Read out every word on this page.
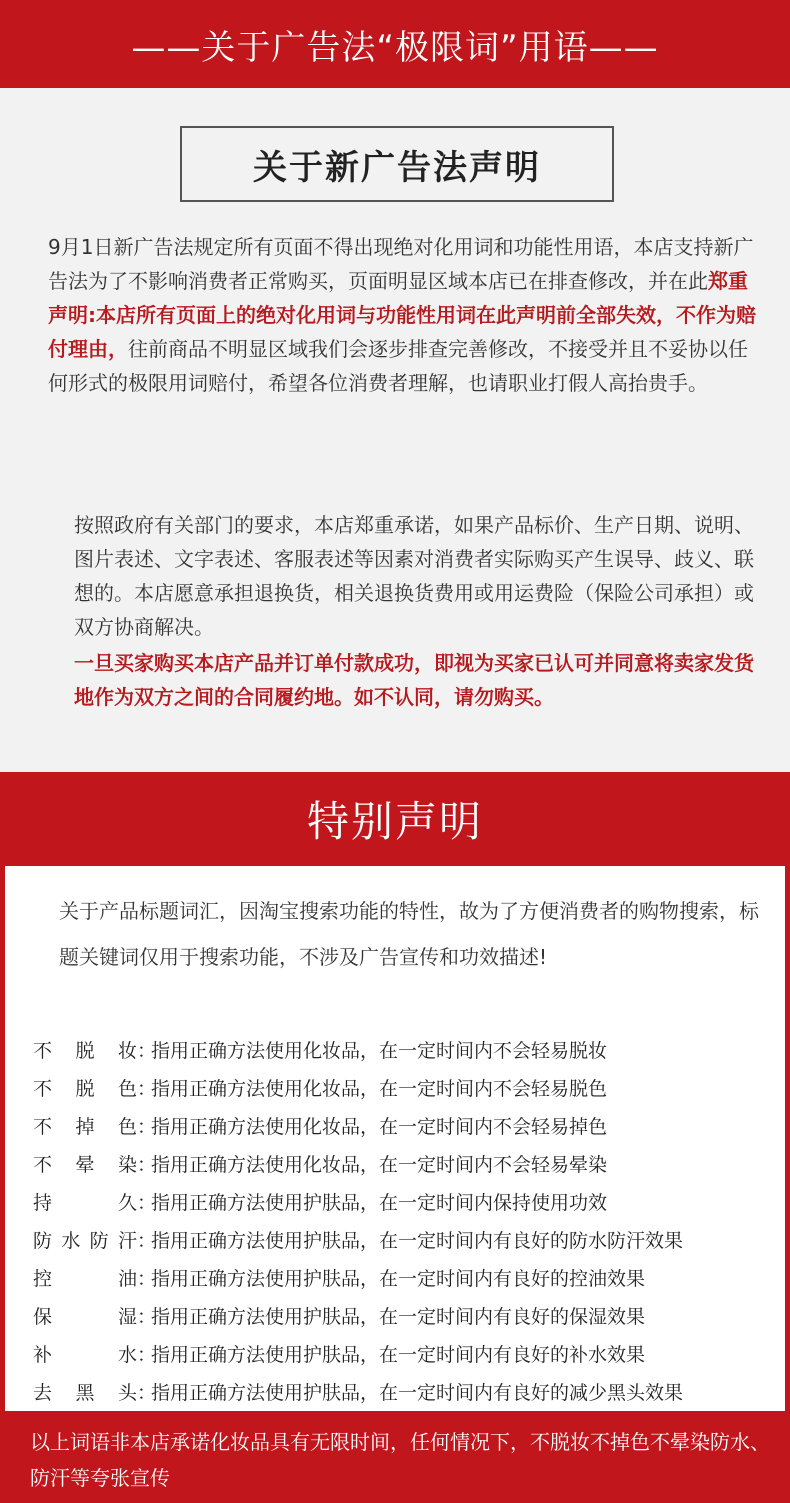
——关于广告法“极限词”用语——
关于新广告法声明

9月1日新广告法规定所有页面不得出现绝对化用词和功能性用语，本店支持新广告法为了不影响消费者正常购买，页面明显区域本店已在排查修改，并在此郑重声明:本店所有页面上的绝对化用词与功能性用词在此声明前全部失效，不作为赔付理由，往前商品不明显区域我们会逐步排查完善修改，不接受并且不妥协以任何形式的极限用词赔付，希望各位消费者理解，也请职业打假人高抬贵手。

按照政府有关部门的要求，本店郑重承诺，如果产品标价、生产日期、说明、图片表述、文字表述、客服表述等因素对消费者实际购买产生误导、歧义、联想的。本店愿意承担退换货，相关退换货费用或用运费险（保险公司承担）或双方协商解决。

一旦买家购买本店产品并订单付款成功，即视为买家已认可并同意将卖家发货地作为双方之间的合同履约地。如不认同，请勿购买。

特别声明

关于产品标题词汇，因淘宝搜索功能的特性，故为了方便消费者的购物搜索，标题关键词仅用于搜索功能，不涉及广告宣传和功效描述!

不脱妆 ：
指用正确方法使用化妆品，在一定时间内不会轻易脱妆
不脱色 ：
指用正确方法使用化妆品，在一定时间内不会轻易脱色
不掉色 ：
指用正确方法使用化妆品，在一定时间内不会轻易掉色
不晕染 ：
指用正确方法使用化妆品，在一定时间内不会轻易晕染
持久 ：
指用正确方法使用护肤品，在一定时间内保持使用功效
防水防汗 ：
指用正确方法使用护肤品，在一定时间内有良好的防水防汗效果
控油 ：
指用正确方法使用护肤品，在一定时间内有良好的控油效果
保湿 ：
指用正确方法使用护肤品，在一定时间内有良好的保湿效果
补水 ：
指用正确方法使用护肤品，在一定时间内有良好的补水效果
去黑头 ：
指用正确方法使用护肤品，在一定时间内有良好的减少黑头效果

以上词语非本店承诺化妆品具有无限时间，任何情况下，不脱妆不掉色不晕染防水、防汗等夸张宣传
